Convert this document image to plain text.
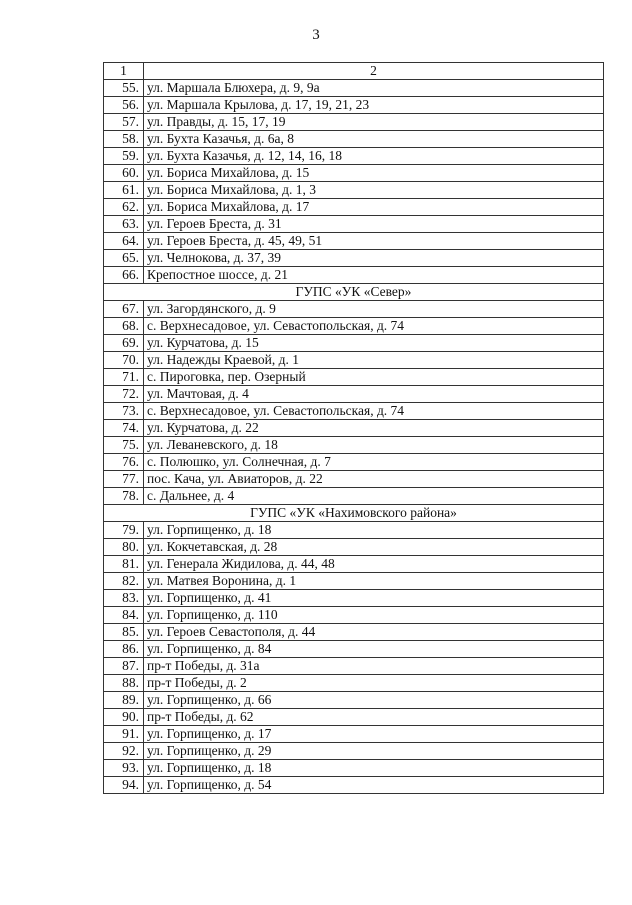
3
1	2
55.	ул. Маршала Блюхера, д. 9, 9а
56.	ул. Маршала Крылова, д. 17, 19, 21, 23
57.	ул. Правды, д. 15, 17, 19
58.	ул. Бухта Казачья, д. 6а, 8
59.	ул. Бухта Казачья, д. 12, 14, 16, 18
60.	ул. Бориса Михайлова, д. 15
61.	ул. Бориса Михайлова, д. 1, 3
62.	ул. Бориса Михайлова, д. 17
63.	ул. Героев Бреста, д. 31
64.	ул. Героев Бреста, д. 45, 49, 51
65.	ул. Челнокова, д. 37, 39
66.	Крепостное шоссе, д. 21
ГУПС «УК «Север»	
67.	ул. Загордянского, д. 9
68.	с. Верхнесадовое, ул. Севастопольская, д. 74
69.	ул. Курчатова, д. 15
70.	ул. Надежды Краевой, д. 1
71.	с. Пироговка, пер. Озерный
72.	ул. Мачтовая, д. 4
73.	с. Верхнесадовое, ул. Севастопольская, д. 74
74.	ул. Курчатова, д. 22
75.	ул. Леваневского, д. 18
76.	с. Полюшко, ул. Солнечная, д. 7
77.	пос. Кача, ул. Авиаторов, д. 22
78.	с. Дальнее, д. 4
ГУПС «УК «Нахимовского района»	
79.	ул. Горпищенко, д. 18
80.	ул. Кокчетавская, д. 28
81.	ул. Генерала Жидилова, д. 44, 48
82.	ул. Матвея Воронина, д. 1
83.	ул. Горпищенко, д. 41
84.	ул. Горпищенко, д. 110
85.	ул. Героев Севастополя, д. 44
86.	ул. Горпищенко, д. 84
87.	пр-т Победы, д. 31а
88.	пр-т Победы, д. 2
89.	ул. Горпищенко, д. 66
90.	пр-т Победы, д. 62
91.	ул. Горпищенко, д. 17
92.	ул. Горпищенко, д. 29
93.	ул. Горпищенко, д. 18
94.	ул. Горпищенко, д. 54
